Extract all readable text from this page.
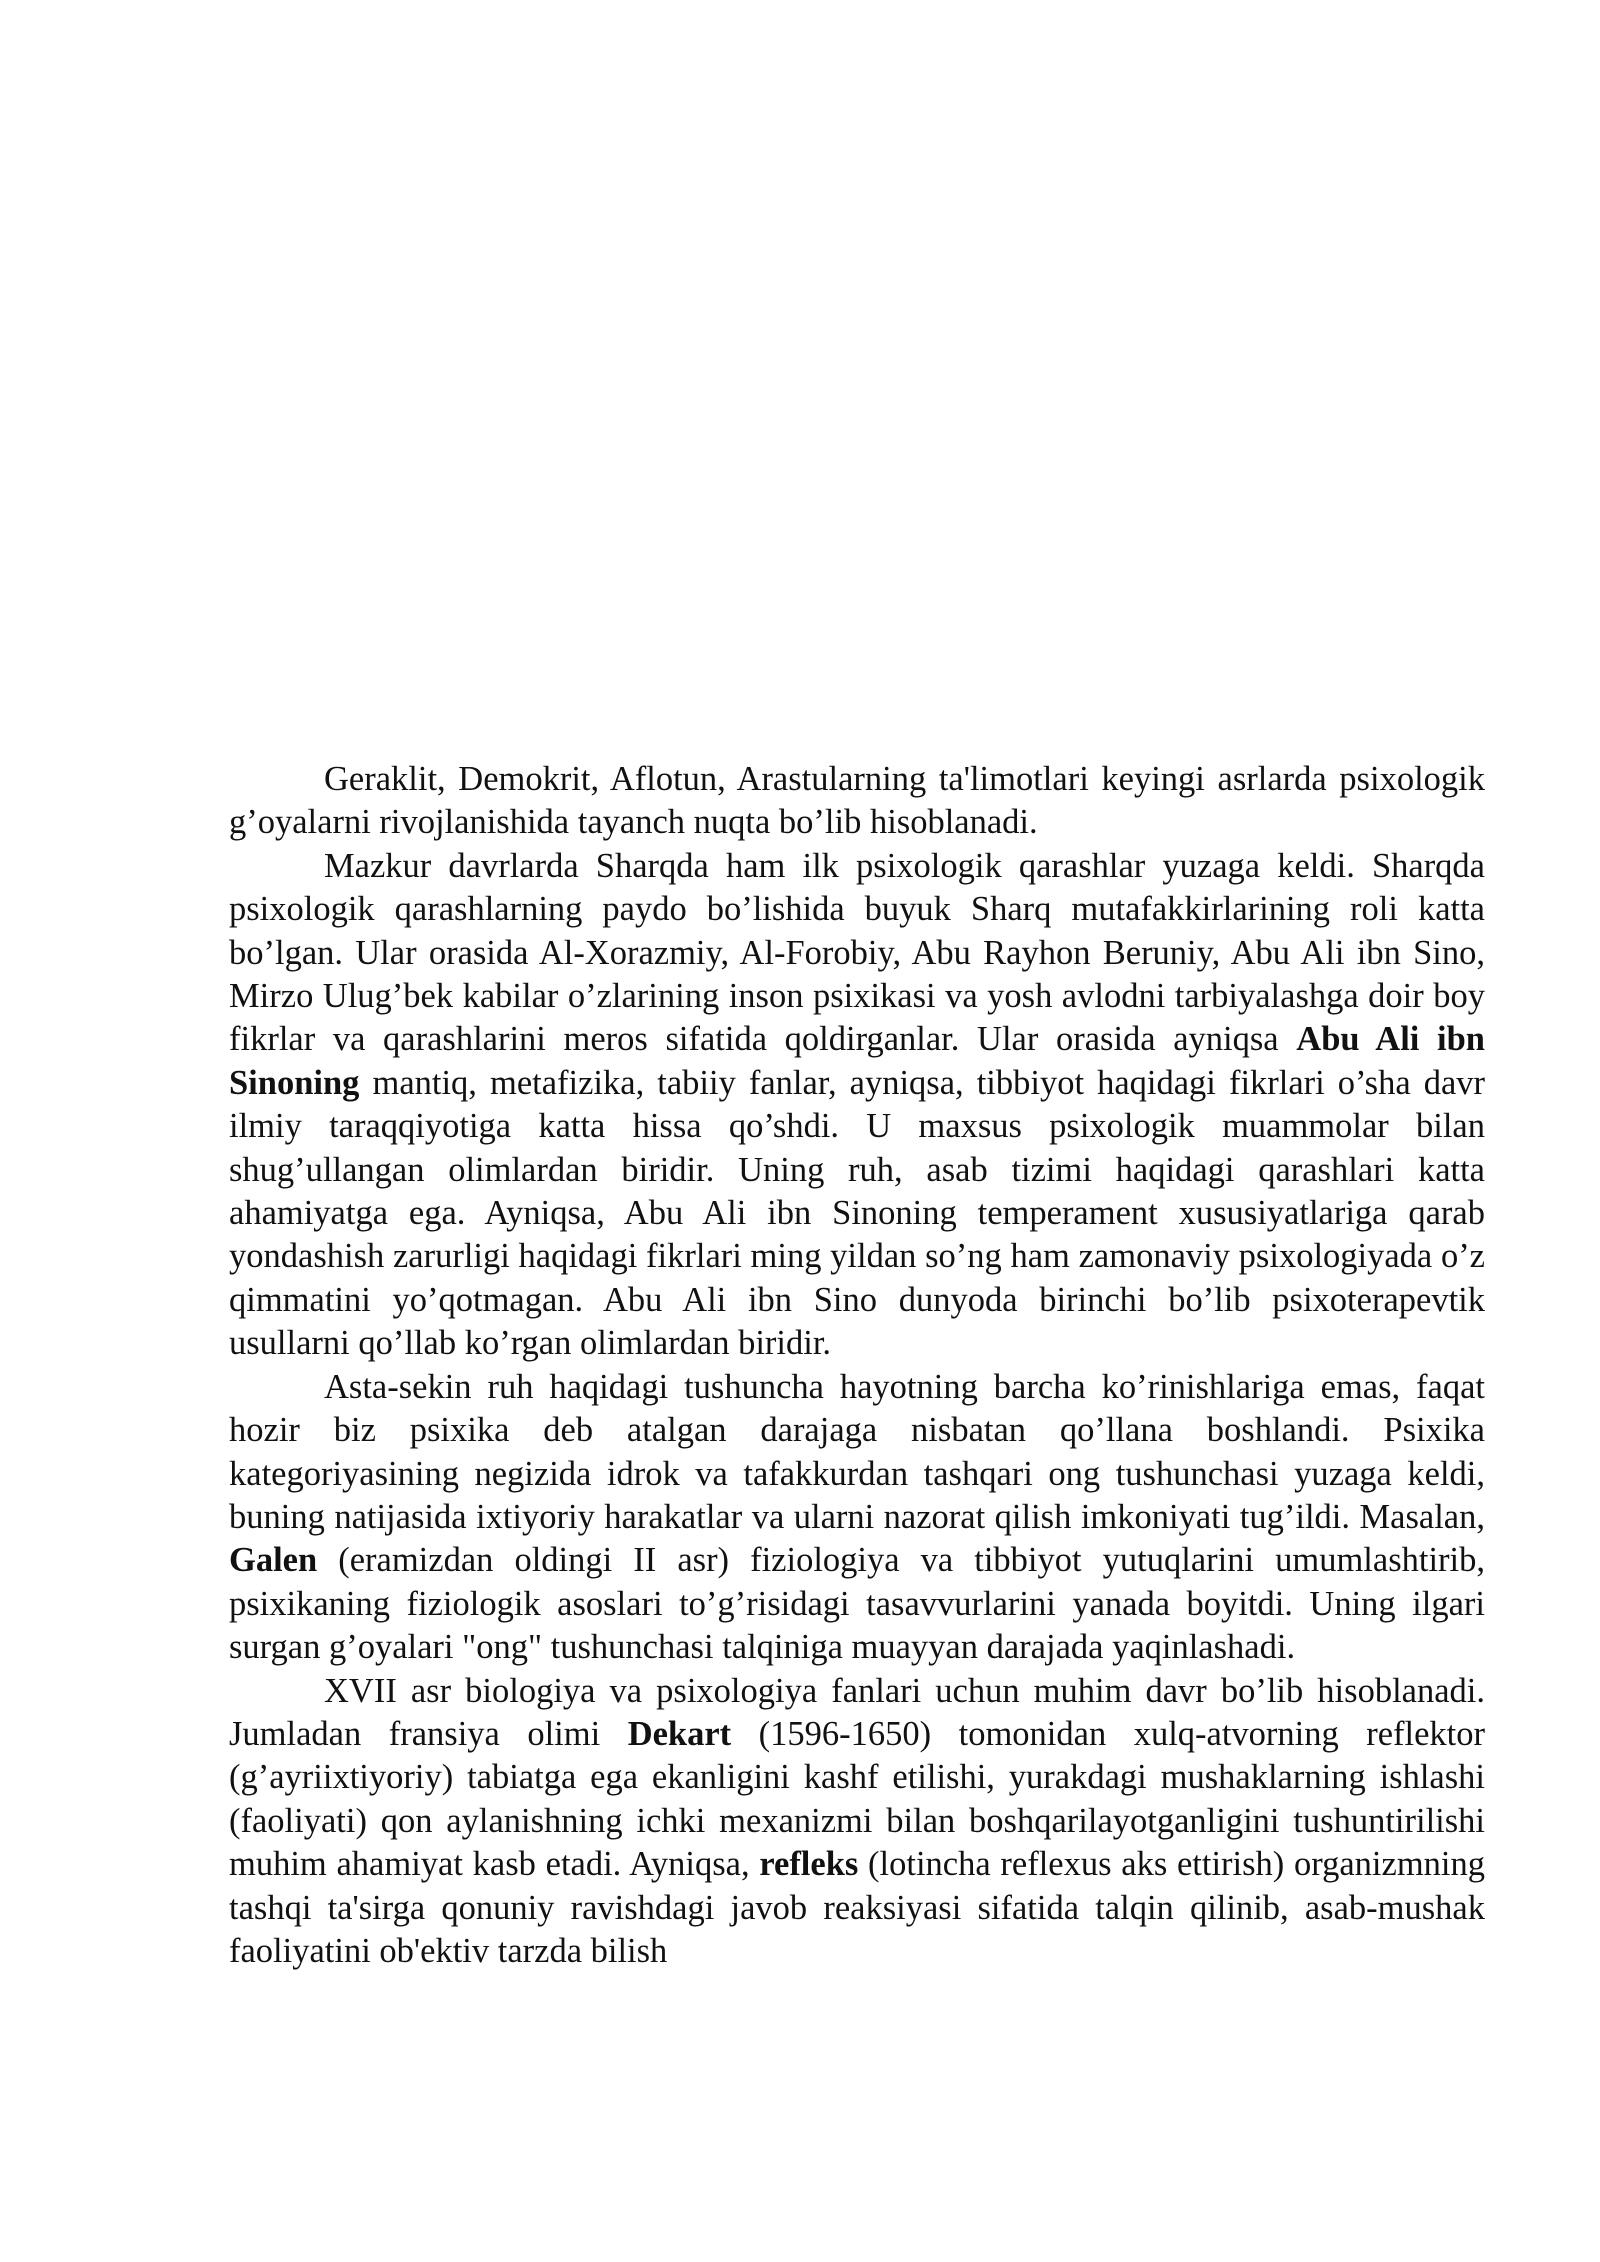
Geraklit, Demokrit, Aflotun, Arastularning ta'limotlari keyingi asrlarda psixologik g’oyalarni rivojlanishida tayanch nuqta bo’lib hisoblanadi.

Mazkur davrlarda Sharqda ham ilk psixologik qarashlar yuzaga keldi. Sharqda psixologik qarashlarning paydo bo’lishida buyuk Sharq mutafakkirlarining roli katta bo’lgan. Ular orasida Al-Xorazmiy, Al-Forobiy, Abu Rayhon Beruniy, Abu Ali ibn Sino, Mirzo Ulug’bek kabilar o’zlarining inson psixikasi va yosh avlodni tarbiyalashga doir boy fikrlar va qarashlarini meros sifatida qoldirganlar. Ular orasida ayniqsa Abu Ali ibn Sinoning mantiq, metafizika, tabiiy fanlar, ayniqsa, tibbiyot haqidagi fikrlari o’sha davr ilmiy taraqqiyotiga katta hissa qo’shdi. U maxsus psixologik muammolar bilan shug’ullangan olimlardan biridir. Uning ruh, asab tizimi haqidagi qarashlari katta ahamiyatga ega. Ayniqsa, Abu Ali ibn Sinoning temperament xususiyatlariga qarab yondashish zarurligi haqidagi fikrlari ming yildan so’ng ham zamonaviy psixologiyada o’z qimmatini yo’qotmagan. Abu Ali ibn Sino dunyoda birinchi bo’lib psixoterapevtik usullarni qo’llab ko’rgan olimlardan biridir.

Asta-sekin ruh haqidagi tushuncha hayotning barcha ko’rinishlariga emas, faqat hozir biz psixika deb atalgan darajaga nisbatan qo’llana boshlandi. Psixika kategoriyasining negizida idrok va tafakkurdan tashqari ong tushunchasi yuzaga keldi, buning natijasida ixtiyoriy harakatlar va ularni nazorat qilish imkoniyati tug’ildi. Masalan, Galen (eramizdan oldingi II asr) fiziologiya va tibbiyot yutuqlarini umumlashtirib, psixikaning fiziologik asoslari to’g’risidagi tasavvurlarini yanada boyitdi. Uning ilgari surgan g’oyalari "ong" tushunchasi talqiniga muayyan darajada yaqinlashadi.

XVII asr biologiya va psixologiya fanlari uchun muhim davr bo’lib hisoblanadi. Jumladan fransiya olimi Dekart (1596-1650) tomonidan xulq-atvorning reflektor (g’ayriixtiyoriy) tabiatga ega ekanligini kashf etilishi, yurakdagi mushaklarning ishlashi (faoliyati) qon aylanishning ichki mexanizmi bilan boshqarilayotganligini tushuntirilishi muhim ahamiyat kasb etadi. Ayniqsa, refleks (lotincha reflexus aks ettirish) organizmning tashqi ta'sirga qonuniy ravishdagi javob reaksiyasi sifatida talqin qilinib, asab-mushak faoliyatini ob'ektiv tarzda bilish
